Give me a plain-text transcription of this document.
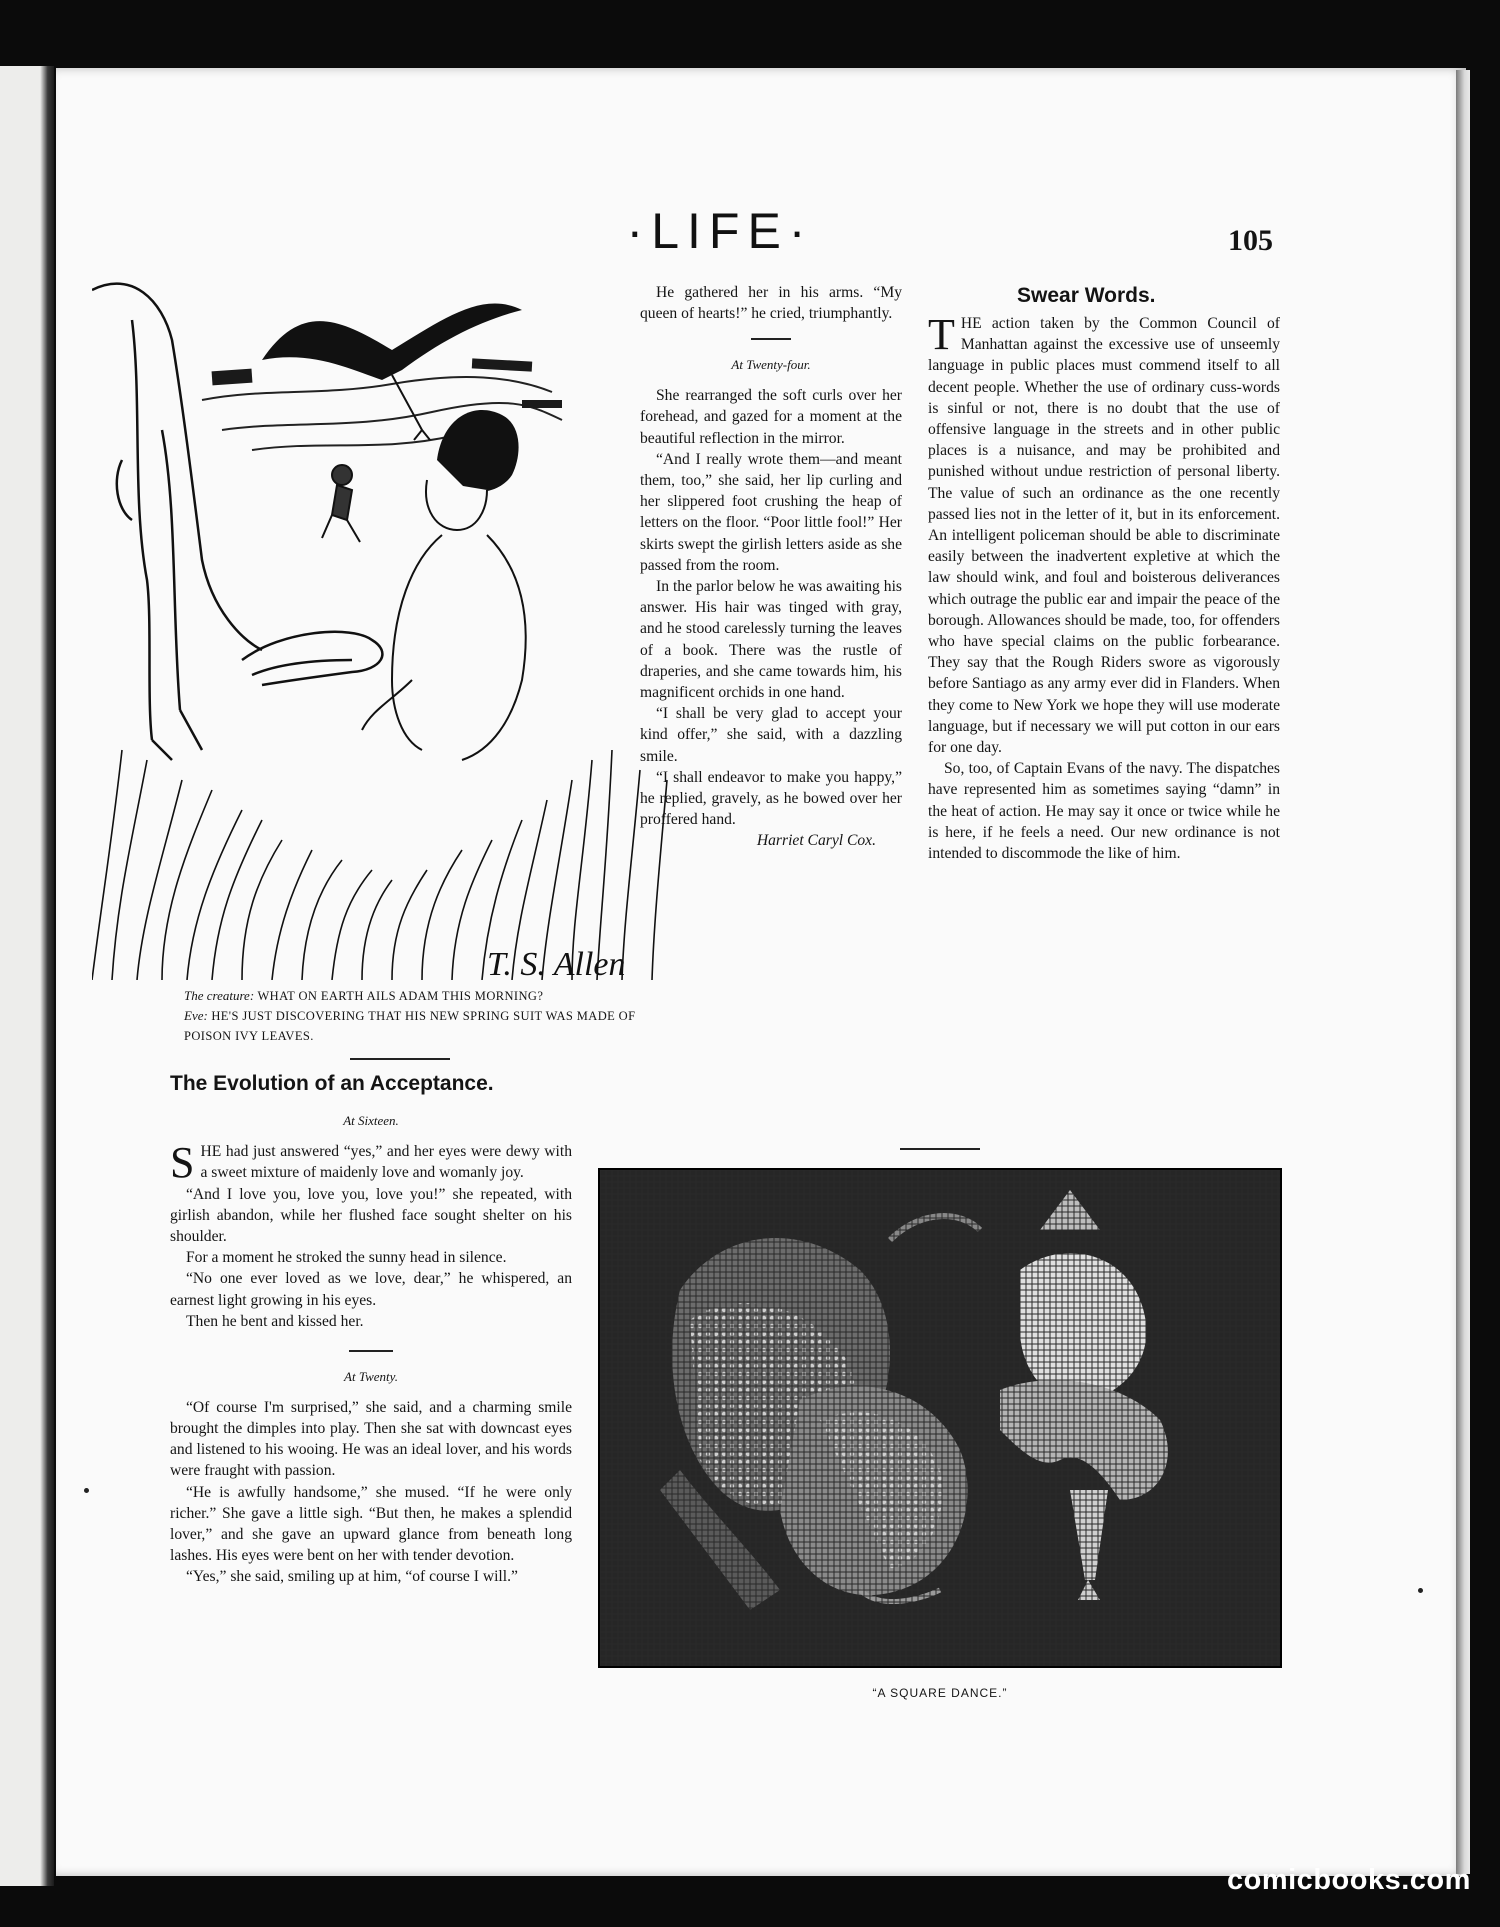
·LIFE·	105
T. S. Allen
The creature: WHAT ON EARTH AILS ADAM THIS MORNING?
Eve: HE'S JUST DISCOVERING THAT HIS NEW SPRING SUIT WAS MADE OF POISON IVY LEAVES.
The Evolution of an Acceptance.

At Sixteen.

SHE had just answered “yes,” and her eyes were dewy with a sweet mixture of maidenly love and womanly joy.

“And I love you, love you, love you!” she repeated, with girlish abandon, while her flushed face sought shelter on his shoulder.

For a moment he stroked the sunny head in silence.

“No one ever loved as we love, dear,” he whispered, an earnest light growing in his eyes.

Then he bent and kissed her.

At Twenty.

“Of course I'm surprised,” she said, and a charming smile brought the dimples into play. Then she sat with downcast eyes and listened to his wooing. He was an ideal lover, and his words were fraught with passion.

“He is awfully handsome,” she mused. “If he were only richer.” She gave a little sigh. “But then, he makes a splendid lover,” and she gave an upward glance from beneath long lashes. His eyes were bent on her with tender devotion.

“Yes,” she said, smiling up at him, “of course I will.”

He gathered her in his arms. “My queen of hearts!” he cried, triumphantly.

At Twenty-four.

She rearranged the soft curls over her forehead, and gazed for a moment at the beautiful reflection in the mirror.

“And I really wrote them—and meant them, too,” she said, her lip curling and her slippered foot crushing the heap of letters on the floor. “Poor little fool!” Her skirts swept the girlish letters aside as she passed from the room.

In the parlor below he was awaiting his answer. His hair was tinged with gray, and he stood carelessly turning the leaves of a book. There was the rustle of draperies, and she came towards him, his magnificent orchids in one hand.

“I shall be very glad to accept your kind offer,” she said, with a dazzling smile.

“I shall endeavor to make you happy,” he replied, gravely, as he bowed over her proffered hand.

Harriet Caryl Cox.

Swear Words.

THE action taken by the Common Council of Manhattan against the excessive use of unseemly language in public places must commend itself to all decent people. Whether the use of ordinary cuss-words is sinful or not, there is no doubt that the use of offensive language in the streets and in other public places is a nuisance, and may be prohibited and punished without undue restriction of personal liberty. The value of such an ordinance as the one recently passed lies not in the letter of it, but in its enforcement. An intelligent policeman should be able to discriminate easily between the inadvertent expletive at which the law should wink, and foul and boisterous deliverances which outrage the public ear and impair the peace of the borough. Allowances should be made, too, for offenders who have special claims on the public forbearance. They say that the Rough Riders swore as vigorously before Santiago as any army ever did in Flanders. When they come to New York we hope they will use moderate language, but if necessary we will put cotton in our ears for one day.

So, too, of Captain Evans of the navy. The dispatches have represented him as sometimes saying “damn” in the heat of action. He may say it once or twice while he is here, if he feels a need. Our new ordinance is not intended to discommode the like of him.

“A SQUARE DANCE.”
comicbooks.com
